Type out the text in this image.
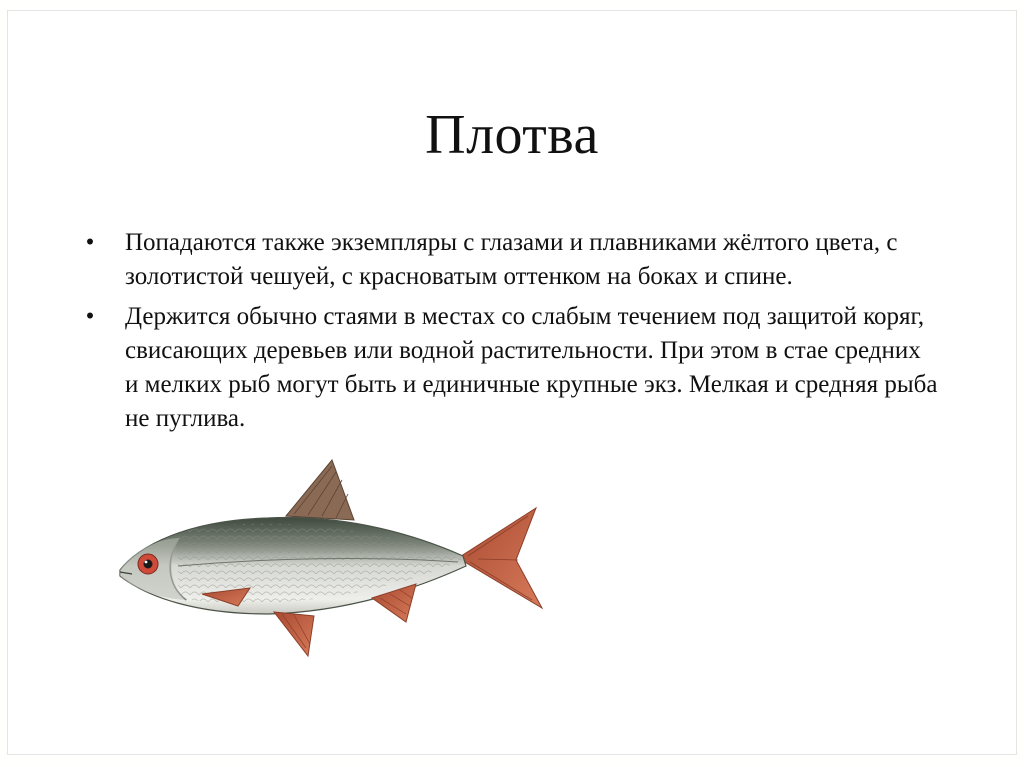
Плотва
• Попадаются также экземпляры с глазами и плавниками жёлтого цвета, с золотистой чешуей, с красноватым оттенком на боках и спине.
• Держится обычно стаями в местах со слабым течением под защитой коряг, свисающих деревьев или водной растительности. При этом в стае средних и мелких рыб могут быть и единичные крупные экз. Мелкая и средняя рыба не пуглива.
